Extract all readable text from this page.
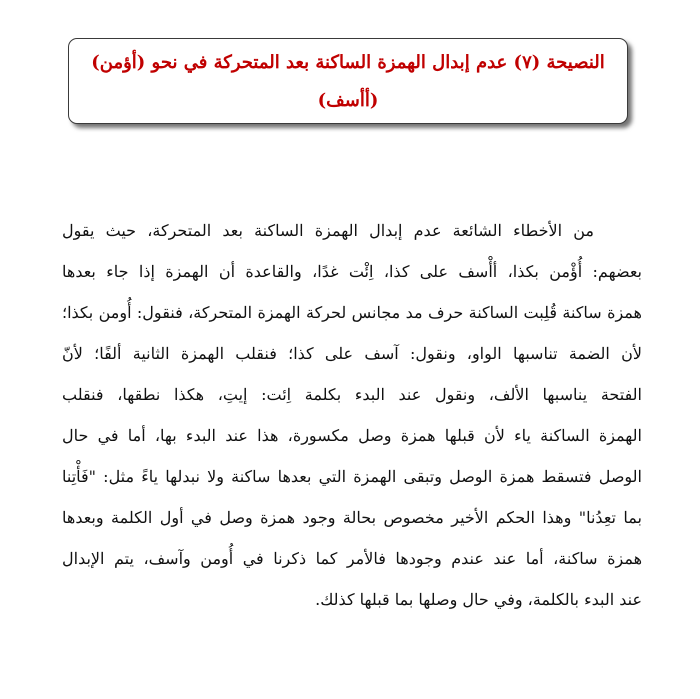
النصيحة (٧) عدم إبدال الهمزة الساكنة بعد المتحركة في نحو (أؤمن)
(أأسف)
من الأخطاء الشائعة عدم إبدال الهمزة الساكنة بعد المتحركة، حيث يقول
بعضهم: أُؤْمن بكذا، أأْسف على كذا، اِئْت غدًا، والقاعدة أن الهمزة إذا جاء بعدها
همزة ساكنة قُلِبت الساكنة حرف مد مجانس لحركة الهمزة المتحركة، فنقول: أُومن بكذا؛
لأن الضمة تناسبها الواو، ونقول: آسف على كذا؛ فنقلب الهمزة الثانية ألفًا؛ لأنّ
الفتحة يناسبها الألف، ونقول عند البدء بكلمة اِئت: إيتِ، هكذا نطقها، فنقلب
الهمزة الساكنة ياء لأن قبلها همزة وصل مكسورة، هذا عند البدء بها، أما في حال
الوصل فتسقط همزة الوصل وتبقى الهمزة التي بعدها ساكنة ولا نبدلها ياءً مثل: "فَأْتِنا
بما تعِدُنا" وهذا الحكم الأخير مخصوص بحالة وجود همزة وصل في أول الكلمة وبعدها
همزة ساكنة، أما عند عندم وجودها فالأمر كما ذكرنا في أُومن وآسف، يتم الإبدال
عند البدء بالكلمة، وفي حال وصلها بما قبلها كذلك.
